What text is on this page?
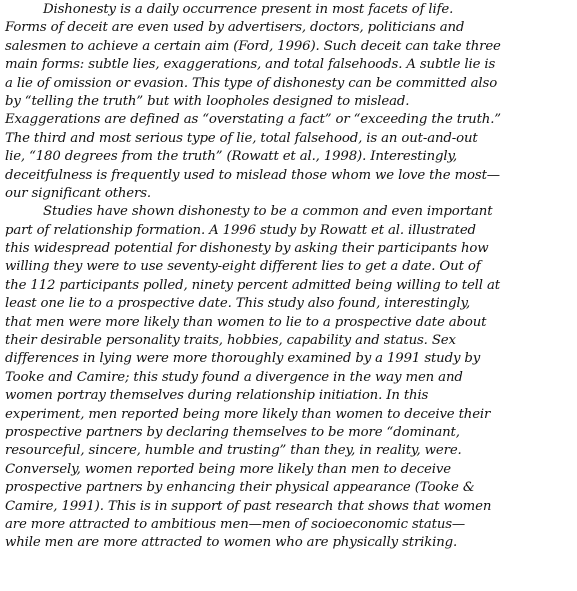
Dishonesty is a daily occurrence present in most facets of life.
Forms of deceit are even used by advertisers, doctors, politicians and
salesmen to achieve a certain aim (Ford, 1996). Such deceit can take three
main forms: subtle lies, exaggerations, and total falsehoods. A subtle lie is
a lie of omission or evasion. This type of dishonesty can be committed also
by “telling the truth” but with loopholes designed to mislead.
Exaggerations are defined as “overstating a fact” or “exceeding the truth.”
The third and most serious type of lie, total falsehood, is an out-and-out
lie, “180 degrees from the truth” (Rowatt et al., 1998). Interestingly,
deceitfulness is frequently used to mislead those whom we love the most—
our significant others.
Studies have shown dishonesty to be a common and even important
part of relationship formation. A 1996 study by Rowatt et al. illustrated
this widespread potential for dishonesty by asking their participants how
willing they were to use seventy-eight different lies to get a date. Out of
the 112 participants polled, ninety percent admitted being willing to tell at
least one lie to a prospective date. This study also found, interestingly,
that men were more likely than women to lie to a prospective date about
their desirable personality traits, hobbies, capability and status. Sex
differences in lying were more thoroughly examined by a 1991 study by
Tooke and Camire; this study found a divergence in the way men and
women portray themselves during relationship initiation. In this
experiment, men reported being more likely than women to deceive their
prospective partners by declaring themselves to be more “dominant,
resourceful, sincere, humble and trusting” than they, in reality, were.
Conversely, women reported being more likely than men to deceive
prospective partners by enhancing their physical appearance (Tooke &
Camire, 1991). This is in support of past research that shows that women
are more attracted to ambitious men—men of socioeconomic status—
while men are more attracted to women who are physically striking.
